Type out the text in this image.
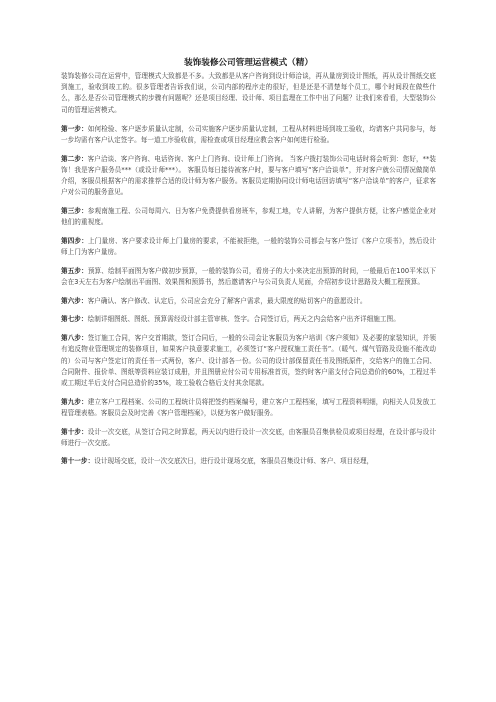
装饰装修公司管理运营模式（精）

装饰装修公司在运营中，管理模式大致都是不多。大致都是从客户咨询到设计师洽谈，再从量房到设计图纸，再从设计图纸交底到施工，验收到竣工的。很多管理者告诉我们说，公司内部的程序走的很好，但是还是不清楚每个员工，哪个时间段在做些什么，那么是否公司管理模式的步骤有问题呢？还是项目经理、设计师、项目监理在工作中出了问题？让我们来看看，大型装饰公司的管理运营模式。

第一步：如何检验、客户逐步质量认定制，公司实施客户逐步质量认定制，工程从材料进场到竣工验收，均请客户共同参与，每一步均需有客户认定签字。每一道工序验收前，需检查或项目经理应教会客户如何进行检验。

第二步：客户洽谈、客户咨询、电话咨询、客户上门咨询、设计师上门咨询。 当客户拨打装饰公司电话时将会听到：您好，**装饰！我是客户服务员***（或设计师***）。 客服员每日接待被客户时，要与客户填写“客户洽谈单”，并对客户就公司情况做简单介绍，客服员根据客户的需求推荐合适的设计师为客户服务。客服员定期协同设计师电话回访填写“客户洽谈单”的客户，征求客户对公司的服务意见。

第三步：参观南施工程、公司每周六、日为客户免费提供看房班车，参观工地，专人讲解，为客户提供方便，让客户感觉企业对他们的重视度。

第四步：上门量房、客户要求设计师上门量房的要求，不能被拒绝，一般的装饰公司都会与客户签订《客户立项书》，然后设计师上门为客户量房。

第五步：预算、绘制平面图为客户做初步预算，一般的装饰公司，看房子的大小来决定出预算的时间，一般最后在100平米以下会在3天左右为客户绘制出平面图、效果图和预算书，然后邀请客户与公司负责人见面，介绍初步设计思路及大概工程预算。

第六步：客户确认、客户修改、认定后，公司应会充分了解客户需求，最大限度的贴切客户的意愿设计。

第七步：绘制详细图纸、图纸、预算需经设计部主管审核、签字。合同签订后，两天之内会给客户出齐详细施工图。

第八步：签订施工合同，客户交首期款，签订合同后，一般的公司会让客服员为客户培训《客户须知》及必要的家装知识，并领有追反物业管理规定的装修项目，如果客户执意要求施工，必须签订“客户授权施工责任书”。（暖气、煤气管路及设施不能改动的）公司与客户签定订的责任书一式两份，客户、设计部各一份。公司的设计部保留责任书及图纸原件，交给客户的施工合同、合同附件、报价单、图纸等资料应装订成册，并且图册应付公司专用标准首页，签约时客户需支付合同总造价的60%，工程过半或工期过半后支付合同总造价的35%，竣工验收合格后支付其余尾款。

第九步：建立客户工程档案、公司的工程统计员将把签约档案编号，建立客户工程档案，填写工程资料明细，向相关人员发放工程管理表格。客服员会及时完善《客户管理档案》，以便为客户做好服务。

第十步：设计一次交底，从签订合同之时算起，两天以内进行设计一次交底，由客服员召集供检员或项目经理，在设计部与设计师进行一次交底。

第十一步：设计现场交底，设计一次交底次日，进行设计现场交底，客服员召集设计师、客户、项目经理，
